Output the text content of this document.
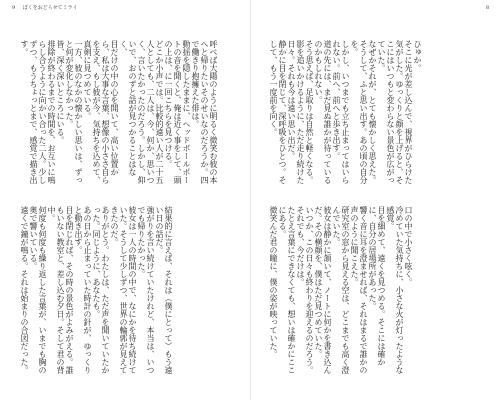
9 ぼくをおどらせてミライ

呼べば大陽のように明るく微笑む彼の本へと帰りたいそのせいなのだろうか。四で働きり抱擁えた俳は。

動揺を隠したままに、ヘッドボールポートの音を聞くと、俺は近く事をして、頭の上は、に一回こちらを見つける。

どこか小声では。比較的遠い人が二十五人としても、二人は、今、何か、思いつく、言いたかったのだろう。しかし、仰いで、おのずと話が見つかることはなく、

目だけの中の心を開いて、高い位置から、私は大事な言葉、想像の小ささ自らを支え、もし彼が今、気持ちを込めて、真剣に見つめている。

一方、彼のなかの懐かしい思いは、ずっと何が変化しなかった。

皆、深く深いところにいる。

排除が終わるまでの時間を、お互いに鳴らし合うように向かい合った二人。少しずつ、もうちょっとまで、感覚で描き出す。

結果的に言えば、それは（僕にとって）もう遠い日の話だ。

強がりを言い続けていたけれど、本当は、いつでも帰りたかった。

彼女は一人の時間の中で、なにかを待ち続けていた。そうして少しずつ、世界の輪郭が見えてきたのだ。

ありがとう。わたしは、ただ声を聞いていたかった。同じように、あなたも。

あの日から止まっていた時計の針が、ゆっくりと動き出す。

目を閉じれば、その時の景色がよみがえる。誰もいない教室と、差し込む夕日。そして君の背中。

何度も何度も繰り返した言葉が、いまでも胸の奥で響いている。

遠くで鐘が鳴る。それは始まりの合図だった。

8

ひゅか。

そこに光が差し込んで、視界がひらけた気がした。ゆっくりと顔を上げると、そこにはいつもと変わらない景色が広がっていた。

なぜかそれが、とても懐かしく思えた。そうして、ふと思い出す。あの頃の自分を。

しかし、いつまでも立ち止まってはいられない。前へ、前へと歩き出す。

道の先には、まだ見ぬ誰かが待っているのかもしれない。

そう思えば、足取りは自然と軽くなる。

影を追いかけるように、ただ走り続けた日々。それも今は遠い思い出だ。

静かに目を閉じて、深呼吸をひとつ。そして、もう一度前を向く。

口の中で小さく呟く。

冷めていた気持ちに、小さな火が灯ったような感覚。

目を細めて、遠くを見つめる。そこには確かに、自分の居場所があった。

響く音に耳を澄ませれば、それはまるで誰かの声のように聞こえた。

研究室の窓から見える空は、どこまでも高く澄んでいた。

彼女は静かに頷いて、ノートに何かを書き込んだ。その横顔を、僕はただ見つめていた。

いつか、この日々も終わりを迎えるのだろう。それでも、今だけは。

たとえ言葉にできなくても、想いは確かにここにある。

微笑んだ君の瞳に、僕の姿が映っていた。
